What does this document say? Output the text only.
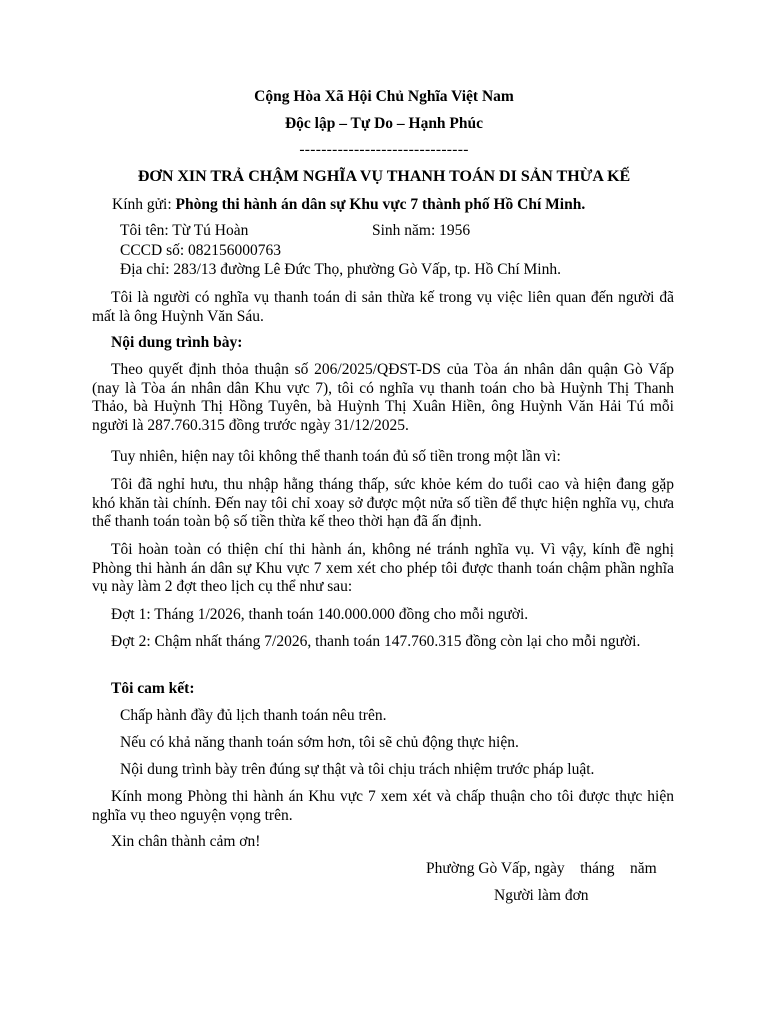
Cộng Hòa Xã Hội Chủ Nghĩa Việt Nam
Độc lập – Tự Do – Hạnh Phúc
-------------------------------
ĐƠN XIN TRẢ CHẬM NGHĨA VỤ THANH TOÁN DI SẢN THỪA KẾ
Kính gửi: Phòng thi hành án dân sự Khu vực 7 thành phố Hồ Chí Minh.
Tôi tên: Từ Tú Hoàn	Sinh năm: 1956
CCCD số: 082156000763
Địa chỉ: 283/13 đường Lê Đức Thọ, phường Gò Vấp, tp. Hồ Chí Minh.
Tôi là người có nghĩa vụ thanh toán di sản thừa kế trong vụ việc liên quan đến người đã mất là ông Huỳnh Văn Sáu.
Nội dung trình bày:
Theo quyết định thỏa thuận số 206/2025/QĐST-DS của Tòa án nhân dân quận Gò Vấp (nay là Tòa án nhân dân Khu vực 7), tôi có nghĩa vụ thanh toán cho bà Huỳnh Thị Thanh Thảo, bà Huỳnh Thị Hồng Tuyên, bà Huỳnh Thị Xuân Hiền, ông Huỳnh Văn Hải Tú mỗi người là 287.760.315 đồng trước ngày 31/12/2025.
Tuy nhiên, hiện nay tôi không thể thanh toán đủ số tiền trong một lần vì:
Tôi đã nghỉ hưu, thu nhập hằng tháng thấp, sức khỏe kém do tuổi cao và hiện đang gặp khó khăn tài chính. Đến nay tôi chỉ xoay sở được một nửa số tiền để thực hiện nghĩa vụ, chưa thể thanh toán toàn bộ số tiền thừa kế theo thời hạn đã ấn định.
Tôi hoàn toàn có thiện chí thi hành án, không né tránh nghĩa vụ. Vì vậy, kính đề nghị Phòng thi hành án dân sự Khu vực 7 xem xét cho phép tôi được thanh toán chậm phần nghĩa vụ này làm 2 đợt theo lịch cụ thể như sau:
Đợt 1: Tháng 1/2026, thanh toán 140.000.000 đồng cho mỗi người.
Đợt 2: Chậm nhất tháng 7/2026, thanh toán 147.760.315 đồng còn lại cho mỗi người.
Tôi cam kết:
Chấp hành đầy đủ lịch thanh toán nêu trên.
Nếu có khả năng thanh toán sớm hơn, tôi sẽ chủ động thực hiện.
Nội dung trình bày trên đúng sự thật và tôi chịu trách nhiệm trước pháp luật.
Kính mong Phòng thi hành án Khu vực 7 xem xét và chấp thuận cho tôi được thực hiện nghĩa vụ theo nguyện vọng trên.
Xin chân thành cảm ơn!
Phường Gò Vấp, ngày    tháng    năm
Người làm đơn
